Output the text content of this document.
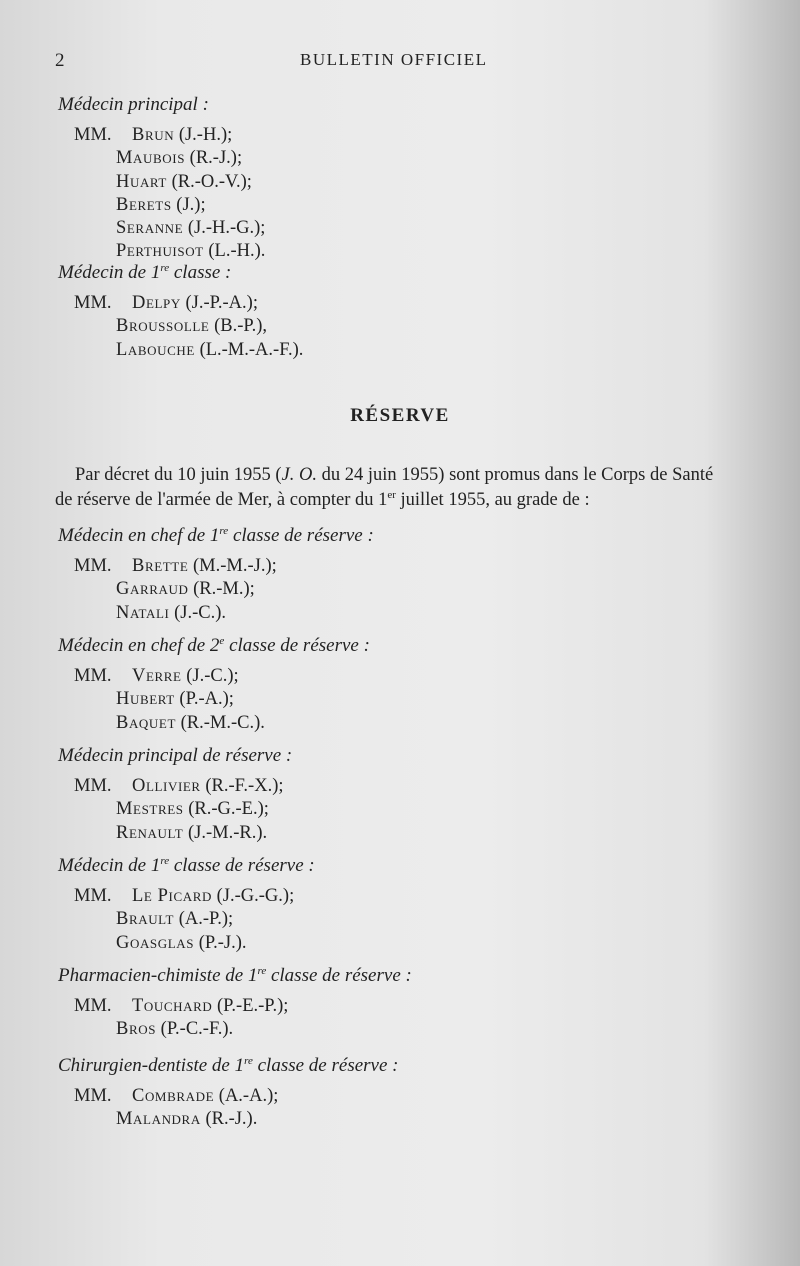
2	BULLETIN OFFICIEL

Médecin principal :

MM. Brun (J.-H.);
Maubois (R.-J.);
Huart (R.-O.-V.);
Berets (J.);
Seranne (J.-H.-G.);
Perthuisot (L.-H.).

Médecin de 1re classe :

MM. Delpy (J.-P.-A.);
Broussolle (B.-P.),
Labouche (L.-M.-A.-F.).
RÉSERVE
Par décret du 10 juin 1955 (J. O. du 24 juin 1955) sont promus dans le Corps de Santé
de réserve de l'armée de Mer, à compter du 1er juillet 1955, au grade de :

Médecin en chef de 1re classe de réserve :

MM. Brette (M.-M.-J.);
Garraud (R.-M.);
Natali (J.-C.).

Médecin en chef de 2e classe de réserve :

MM. Verre (J.-C.);
Hubert (P.-A.);
Baquet (R.-M.-C.).

Médecin principal de réserve :

MM. Ollivier (R.-F.-X.);
Mestres (R.-G.-E.);
Renault (J.-M.-R.).

Médecin de 1re classe de réserve :

MM. Le Picard (J.-G.-G.);
Brault (A.-P.);
Goasglas (P.-J.).

Pharmacien-chimiste de 1re classe de réserve :

MM. Touchard (P.-E.-P.);
Bros (P.-C.-F.).

Chirurgien-dentiste de 1re classe de réserve :

MM. Combrade (A.-A.);
Malandra (R.-J.).
